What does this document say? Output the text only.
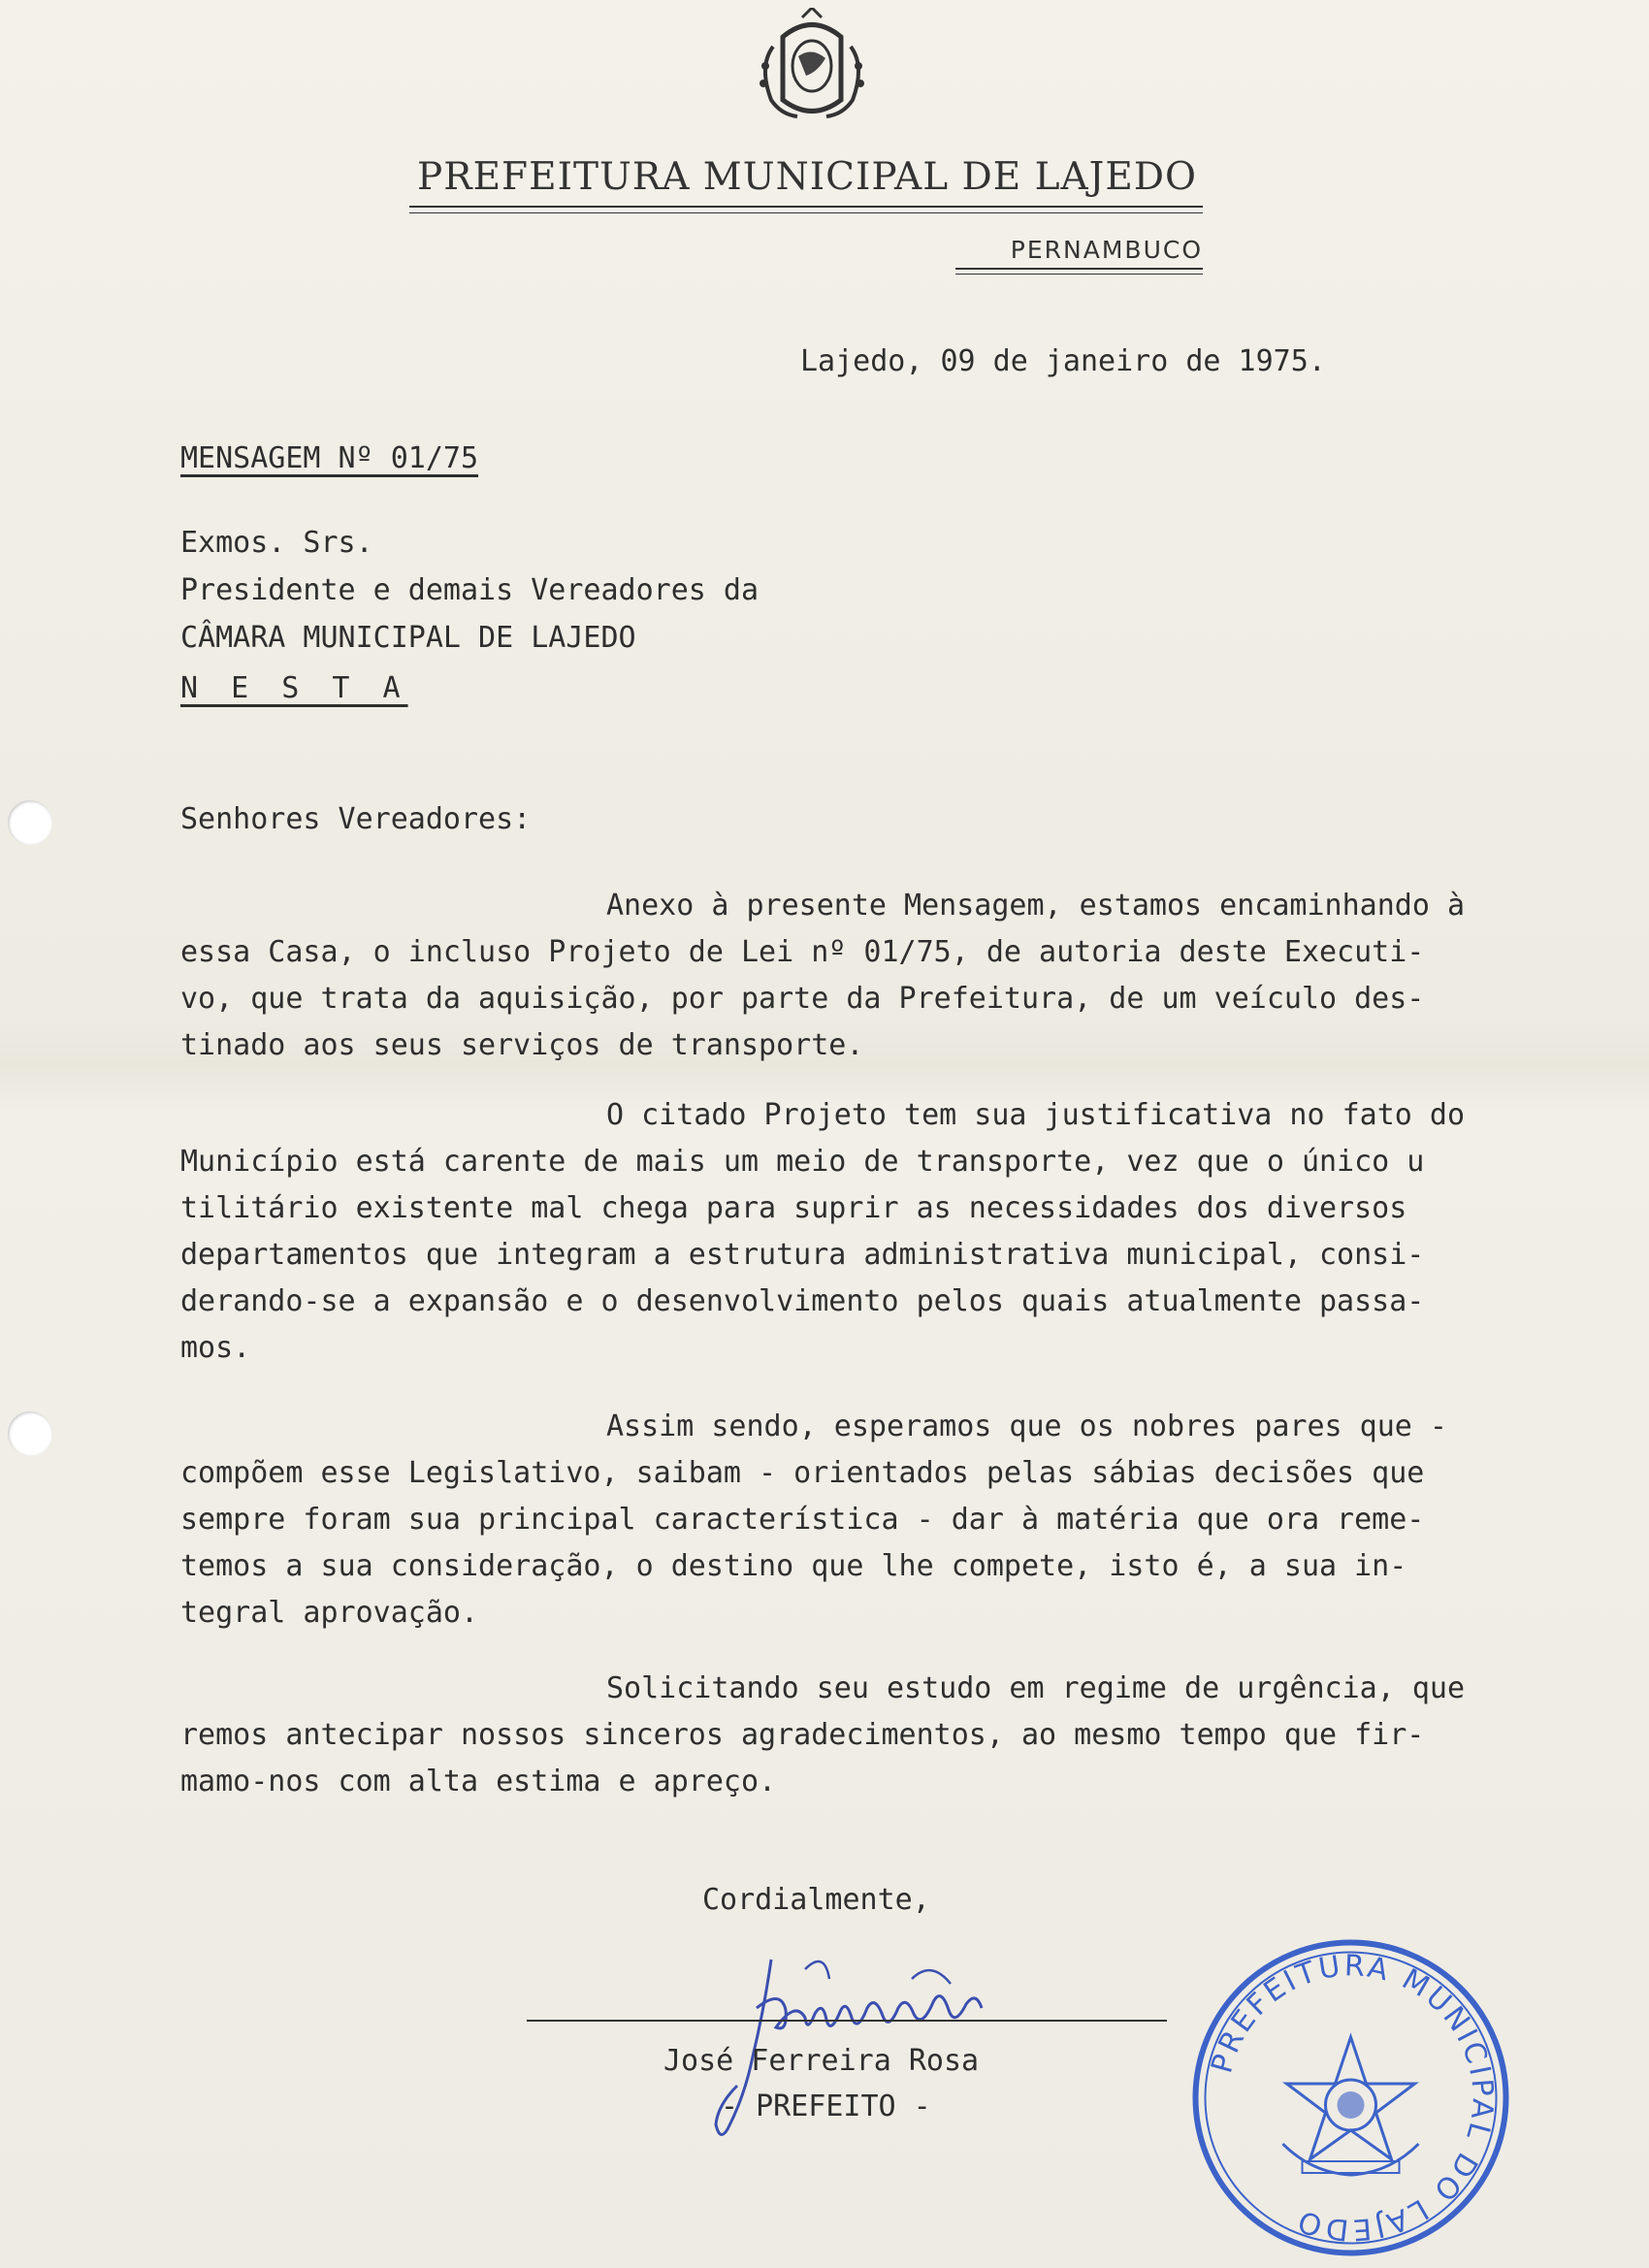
PREFEITURA MUNICIPAL DE LAJEDO
PERNAMBUCO
Lajedo, 09 de janeiro de 1975.
MENSAGEM Nº 01/75
Exmos. Srs.
Presidente e demais Vereadores da
CÂMARA MUNICIPAL DE LAJEDO
N E S T A
Senhores Vereadores:
Anexo à presente Mensagem, estamos encaminhando à
essa Casa, o incluso Projeto de Lei nº 01/75, de autoria deste Executi-
vo, que trata da aquisição, por parte da Prefeitura, de um veículo des-
tinado aos seus serviços de transporte.
O citado Projeto tem sua justificativa no fato do
Município está carente de mais um meio de transporte, vez que o único u
tilitário existente mal chega para suprir as necessidades dos diversos
departamentos que integram a estrutura administrativa municipal, consi-
derando-se a expansão e o desenvolvimento pelos quais atualmente passa-
mos.
Assim sendo, esperamos que os nobres pares que -
compõem esse Legislativo, saibam - orientados pelas sábias decisões que
sempre foram sua principal característica - dar à matéria que ora reme-
temos a sua consideração, o destino que lhe compete, isto é, a sua in-
tegral aprovação.
Solicitando seu estudo em regime de urgência, que
remos antecipar nossos sinceros agradecimentos, ao mesmo tempo que fir-
mamo-nos com alta estima e apreço.
Cordialmente,
José Ferreira Rosa
- PREFEITO -
PREFEITURA MUNICIPAL DO LAJEDO
